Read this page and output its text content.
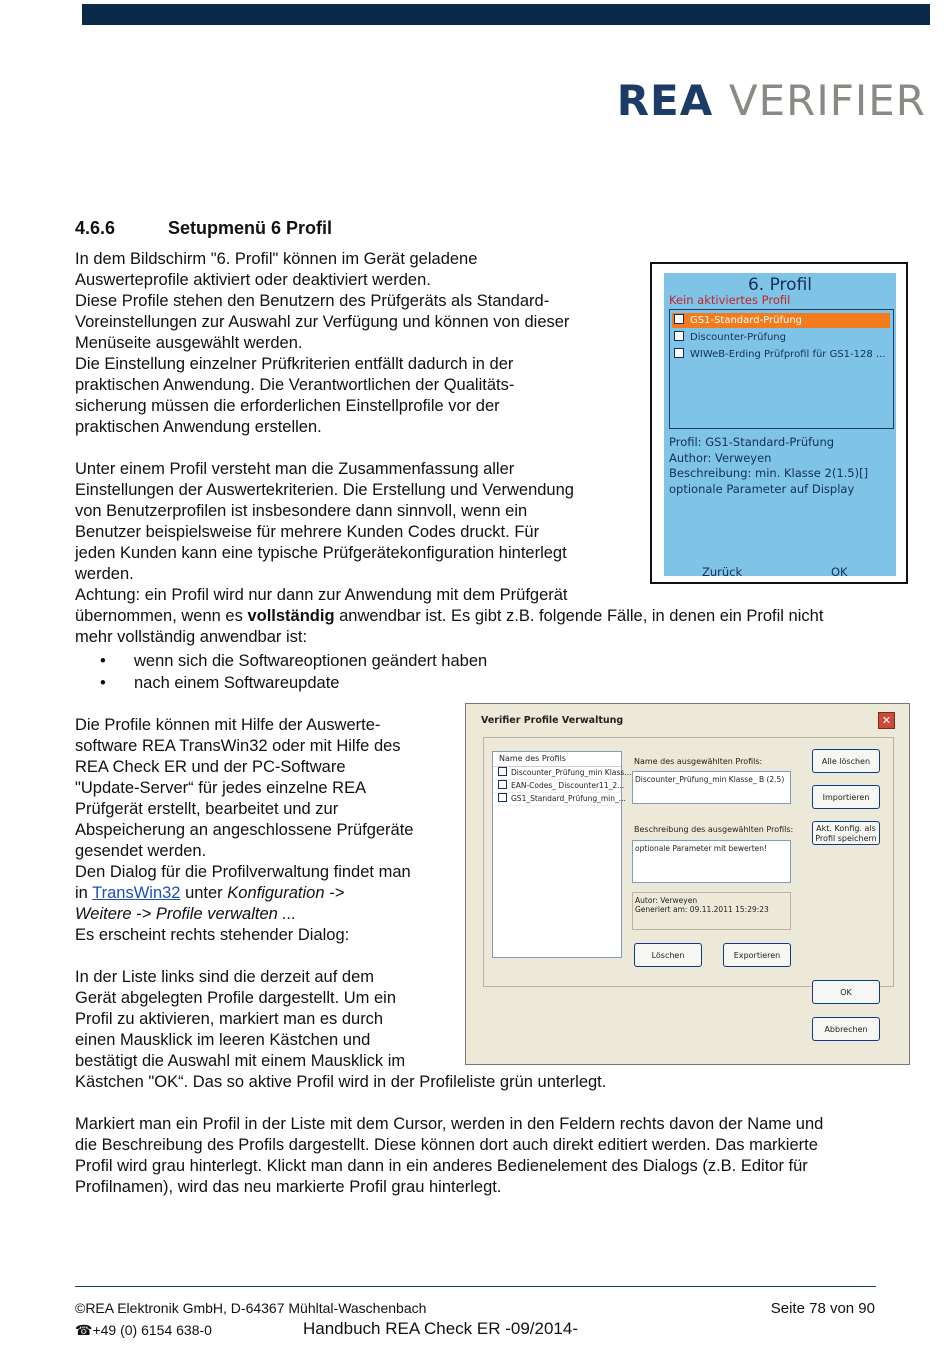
REA VERIFIER
4.6.6	Setupmenü 6 Profil
In dem Bildschirm "6. Profil" können im Gerät geladene
Auswerteprofile aktiviert oder deaktiviert werden.
Diese Profile stehen den Benutzern des Prüfgeräts als Standard-
Voreinstellungen zur Auswahl zur Verfügung und können von dieser
Menüseite ausgewählt werden.
Die Einstellung einzelner Prüfkriterien entfällt dadurch in der
praktischen Anwendung. Die Verantwortlichen der Qualitäts-
sicherung müssen die erforderlichen Einstellprofile vor der
praktischen Anwendung erstellen.
Unter einem Profil versteht man die Zusammenfassung aller
Einstellungen der Auswertekriterien. Die Erstellung und Verwendung
von Benutzerprofilen ist insbesondere dann sinnvoll, wenn ein
Benutzer beispielsweise für mehrere Kunden Codes druckt. Für
jeden Kunden kann eine typische Prüfgerätekonfiguration hinterlegt
werden.
Achtung: ein Profil wird nur dann zur Anwendung mit dem Prüfgerät
übernommen, wenn es vollständig anwendbar ist. Es gibt z.B. folgende Fälle, in denen ein Profil nicht
mehr vollständig anwendbar ist:
• wenn sich die Softwareoptionen geändert haben
• nach einem Softwareupdate
Die Profile können mit Hilfe der Auswerte-
software REA TransWin32 oder mit Hilfe des
REA Check ER und der PC-Software
"Update-Server“ für jedes einzelne REA
Prüfgerät erstellt, bearbeitet und zur
Abspeicherung an angeschlossene Prüfgeräte
gesendet werden.
Den Dialog für die Profilverwaltung findet man
in TransWin32 unter Konfiguration ->
Weitere -> Profile verwalten ...
Es erscheint rechts stehender Dialog:
In der Liste links sind die derzeit auf dem
Gerät abgelegten Profile dargestellt. Um ein
Profil zu aktivieren, markiert man es durch
einen Mausklick im leeren Kästchen und
bestätigt die Auswahl mit einem Mausklick im
Kästchen "OK“. Das so aktive Profil wird in der Profileliste grün unterlegt.
Markiert man ein Profil in der Liste mit dem Cursor, werden in den Feldern rechts davon der Name und
die Beschreibung des Profils dargestellt. Diese können dort auch direkt editiert werden. Das markierte
Profil wird grau hinterlegt. Klickt man dann in ein anderes Bedienelement des Dialogs (z.B. Editor für
Profilnamen), wird das neu markierte Profil grau hinterlegt.
6. Profil
Kein aktiviertes Profil
GS1-Standard-Prüfung
Discounter-Prüfung
WIWeB-Erding Prüfprofil für GS1-128 ...
Profil: GS1-Standard-Prüfung
Author: Verweyen
Beschreibung: min. Klasse 2(1.5)[]
optionale Parameter auf Display
Zurück	OK
Verifier Profile Verwaltung	✕
Name des Profils
Discounter_Prüfung_min Klass...
EAN-Codes_ Discounter11_2...
GS1_Standard_Prüfung_min_...
Name des ausgewählten Profils:
Discounter_Prüfung_min Klasse_ B (2.5)
Beschreibung des ausgewählten Profils:
optionale Parameter mit bewerten!
Autor: Verweyen
Generiert am: 09.11.2011 15:29:23
Alle löschen
Importieren
Akt. Konfig. als
Profil speichern
Löschen	Exportieren
OK
Abbrechen
©REA Elektronik GmbH, D-64367 Mühltal-Waschenbach	Seite 78 von 90
☎+49 (0) 6154 638-0	Handbuch REA Check ER -09/2014-
